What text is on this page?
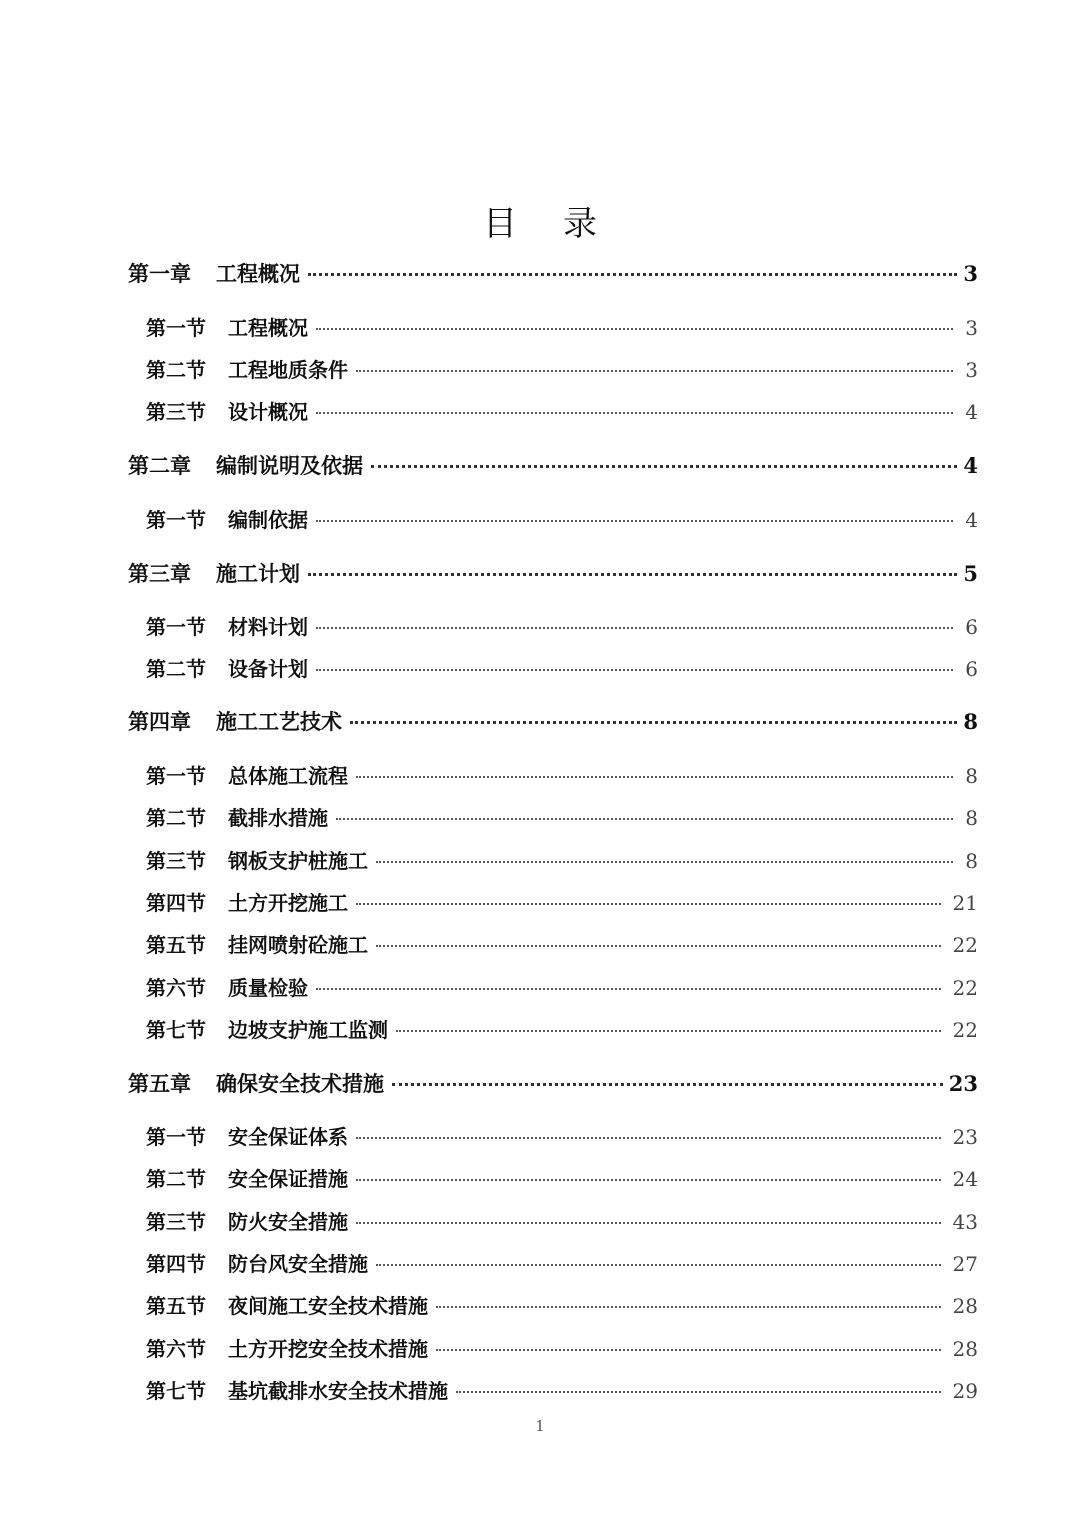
目录
第一章	工程概况	3
第一节	工程概况	3
第二节	工程地质条件	3
第三节	设计概况	4
第二章	编制说明及依据	4
第一节	编制依据	4
第三章	施工计划	5
第一节	材料计划	6
第二节	设备计划	6
第四章	施工工艺技术	8
第一节	总体施工流程	8
第二节	截排水措施	8
第三节	钢板支护桩施工	8
第四节	土方开挖施工	21
第五节	挂网喷射砼施工	22
第六节	质量检验	22
第七节	边坡支护施工监测	22
第五章	确保安全技术措施	23
第一节	安全保证体系	23
第二节	安全保证措施	24
第三节	防火安全措施	43
第四节	防台风安全措施	27
第五节	夜间施工安全技术措施	28
第六节	土方开挖安全技术措施	28
第七节	基坑截排水安全技术措施	29
1
